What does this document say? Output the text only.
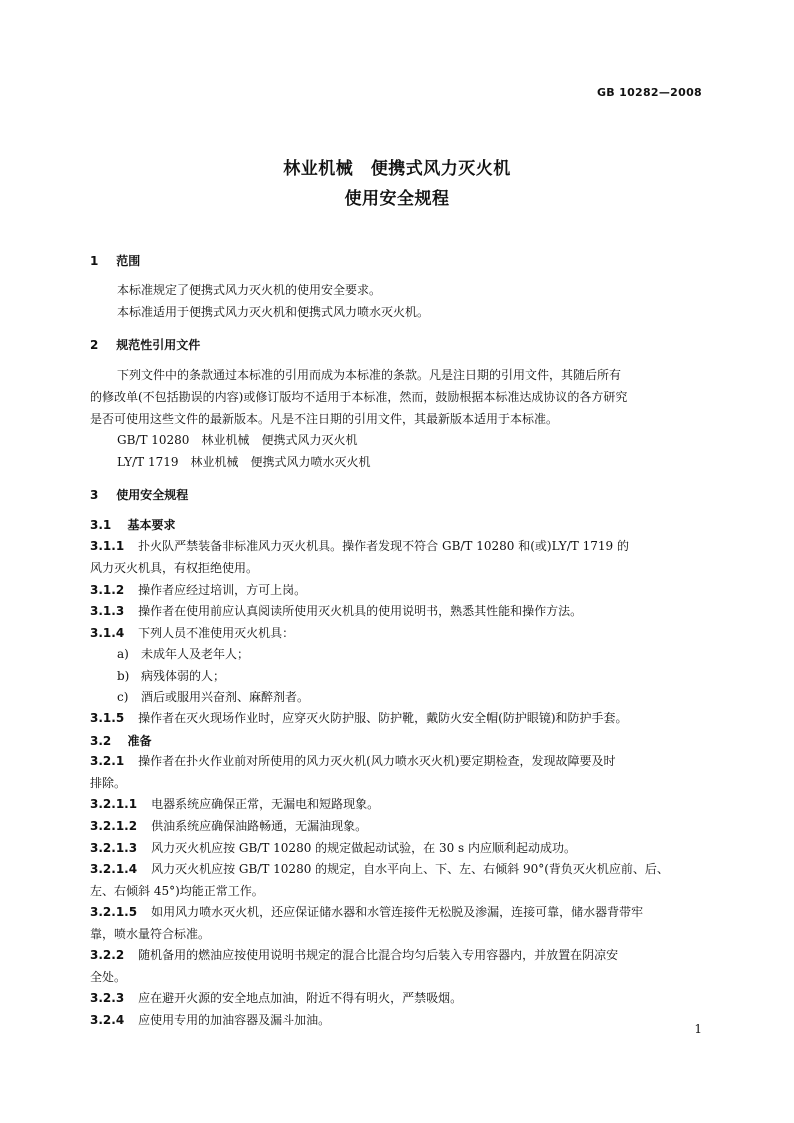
GB 10282—2008
林业机械　便携式风力灭火机
使用安全规程
1 范围
本标准规定了便携式风力灭火机的使用安全要求。
本标准适用于便携式风力灭火机和便携式风力喷水灭火机。
2 规范性引用文件
下列文件中的条款通过本标准的引用而成为本标准的条款。凡是注日期的引用文件，其随后所有
的修改单(不包括勘误的内容)或修订版均不适用于本标准，然而，鼓励根据本标准达成协议的各方研究
是否可使用这些文件的最新版本。凡是不注日期的引用文件，其最新版本适用于本标准。
GB/T 10280　林业机械　便携式风力灭火机
LY/T 1719　林业机械　便携式风力喷水灭火机
3 使用安全规程
3.1 基本要求
3.1.1 扑火队严禁装备非标准风力灭火机具。操作者发现不符合 GB/T 10280 和(或)LY/T 1719 的
风力灭火机具，有权拒绝使用。
3.1.2 操作者应经过培训，方可上岗。
3.1.3 操作者在使用前应认真阅读所使用灭火机具的使用说明书，熟悉其性能和操作方法。
3.1.4 下列人员不准使用灭火机具：
a) 未成年人及老年人；
b) 病残体弱的人；
c) 酒后或服用兴奋剂、麻醉剂者。
3.1.5 操作者在灭火现场作业时，应穿灭火防护服、防护靴，戴防火安全帽(防护眼镜)和防护手套。
3.2 准备
3.2.1 操作者在扑火作业前对所使用的风力灭火机(风力喷水灭火机)要定期检查，发现故障要及时
排除。
3.2.1.1 电器系统应确保正常，无漏电和短路现象。
3.2.1.2 供油系统应确保油路畅通，无漏油现象。
3.2.1.3 风力灭火机应按 GB/T 10280 的规定做起动试验，在 30 s 内应顺利起动成功。
3.2.1.4 风力灭火机应按 GB/T 10280 的规定，自水平向上、下、左、右倾斜 90°(背负灭火机应前、后、
左、右倾斜 45°)均能正常工作。
3.2.1.5 如用风力喷水灭火机，还应保证储水器和水管连接件无松脱及渗漏，连接可靠，储水器背带牢
靠，喷水量符合标准。
3.2.2 随机备用的燃油应按使用说明书规定的混合比混合均匀后装入专用容器内，并放置在阴凉安
全处。
3.2.3 应在避开火源的安全地点加油，附近不得有明火，严禁吸烟。
3.2.4 应使用专用的加油容器及漏斗加油。
1
